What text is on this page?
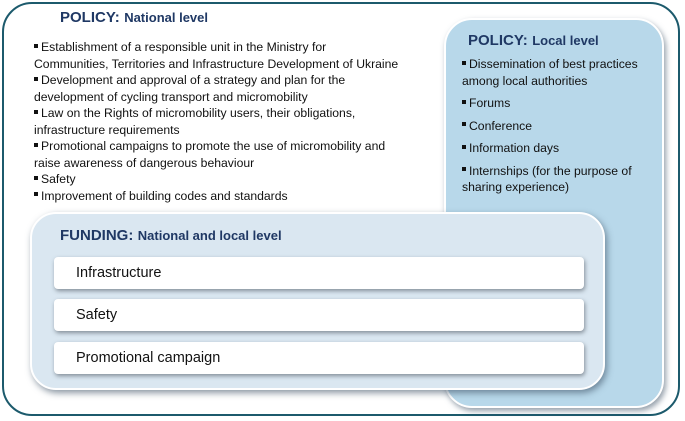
POLICY: National level
Establishment of a responsible unit in the Ministry for
Communities, Territories and Infrastructure Development of Ukraine
Development and approval of a strategy and plan for the
development of cycling transport and micromobility
Law on the Rights of micromobility users, their obligations,
infrastructure requirements
Promotional campaigns to promote the use of micromobility and
raise awareness of dangerous behaviour
Safety
Improvement of building codes and standards
POLICY: Local level
Dissemination of best practices among local authorities
Forums
Conference
Information days
Internships (for the purpose of sharing experience)
FUNDING: National and local level
Infrastructure
Safety
Promotional campaign
